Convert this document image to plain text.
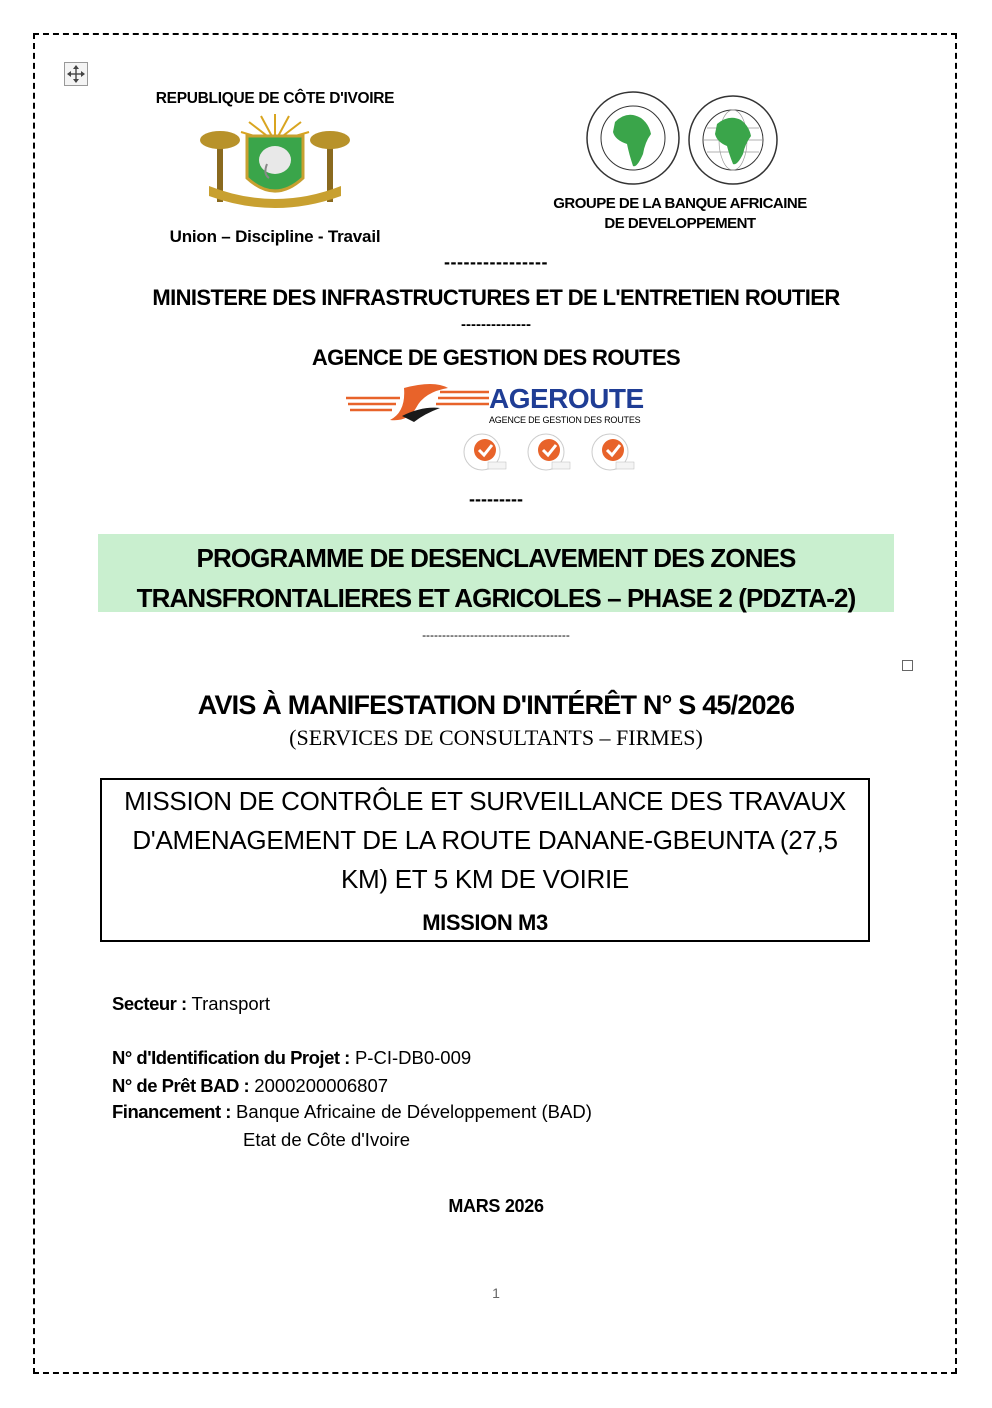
REPUBLIQUE DE CÔTE D'IVOIRE
Union – Discipline - Travail
GROUPE DE LA BANQUE AFRICAINE
DE DEVELOPPEMENT
----------------
MINISTERE DES INFRASTRUCTURES ET DE L'ENTRETIEN ROUTIER
--------------
AGENCE DE GESTION DES ROUTES
AGEROUTE
AGENCE DE GESTION DES ROUTES
---------
PROGRAMME DE DESENCLAVEMENT DES ZONES
TRANSFRONTALIERES ET AGRICOLES – PHASE 2 (PDZTA-2)
-------------------------------------
AVIS À MANIFESTATION D'INTÉRÊT N° S 45/2026
(SERVICES DE CONSULTANTS – FIRMES)
MISSION DE CONTRÔLE ET SURVEILLANCE DES TRAVAUX
D'AMENAGEMENT DE LA ROUTE DANANE-GBEUNTA (27,5
KM) ET 5 KM DE VOIRIE
MISSION M3
Secteur : Transport
N° d'Identification du Projet : P-CI-DB0-009
N° de Prêt BAD : 2000200006807
Financement : Banque Africaine de Développement (BAD)
Etat de Côte d'Ivoire
MARS 2026
1
